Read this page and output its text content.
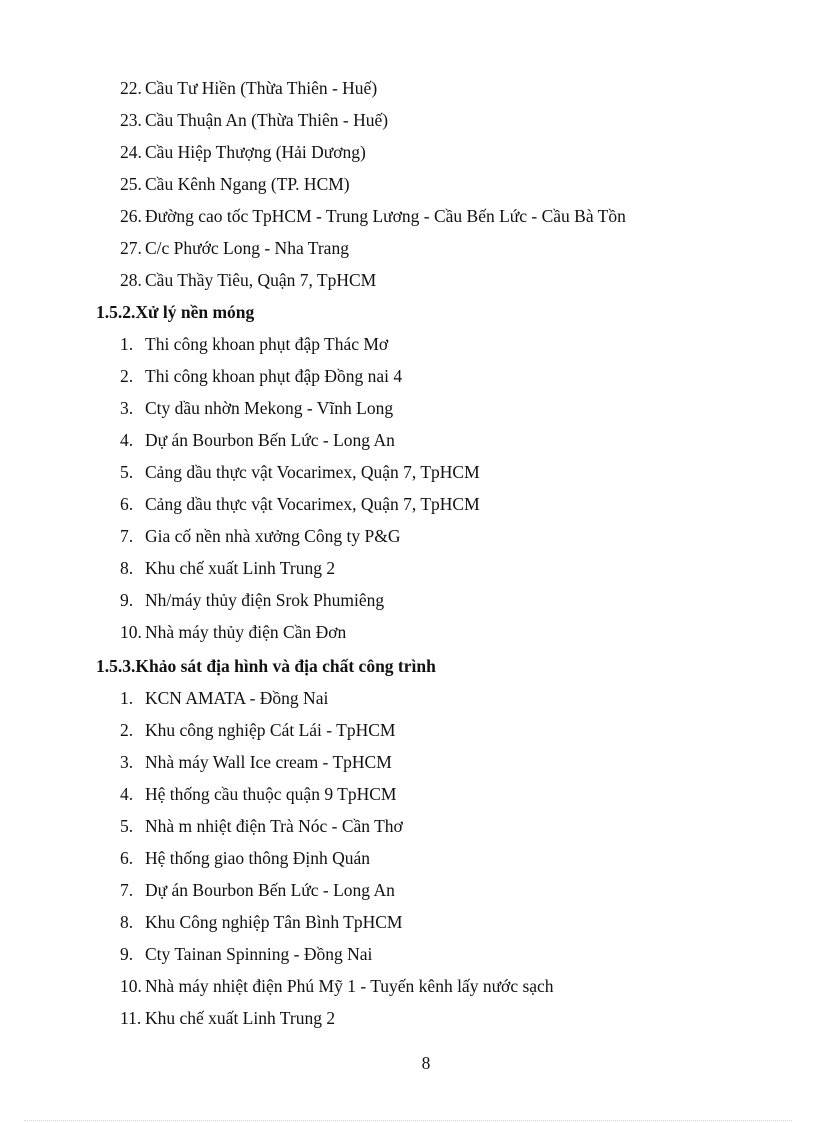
22. Cầu Tư Hiền (Thừa Thiên - Huế)
23. Cầu Thuận An (Thừa Thiên - Huế)
24. Cầu Hiệp Thượng (Hải Dương)
25. Cầu Kênh Ngang (TP. HCM)
26. Đường cao tốc TpHCM - Trung Lương - Cầu Bến Lức - Cầu Bà Tồn
27. C/c Phước Long - Nha Trang
28. Cầu Thầy Tiêu, Quận 7, TpHCM
1.5.2.Xử lý nền móng
1. Thi công khoan phụt đập Thác Mơ
2. Thi công khoan phụt đập Đồng nai 4
3. Cty dầu nhờn Mekong - Vĩnh Long
4. Dự án Bourbon Bến Lức - Long An
5. Cảng dầu thực vật Vocarimex, Quận 7, TpHCM
6. Cảng dầu thực vật Vocarimex, Quận 7, TpHCM
7. Gia cố nền nhà xưởng Công ty P&G
8. Khu chế xuất Linh Trung 2
9. Nh/máy thủy điện Srok Phumiêng
10. Nhà máy thủy điện Cần Đơn
1.5.3.Khảo sát địa hình và địa chất công trình
1. KCN AMATA - Đồng Nai
2. Khu công nghiệp Cát Lái - TpHCM
3. Nhà máy Wall Ice cream - TpHCM
4. Hệ thống cầu thuộc quận 9 TpHCM
5. Nhà m nhiệt điện Trà Nóc - Cần Thơ
6. Hệ thống giao thông Định Quán
7. Dự án Bourbon Bến Lức - Long An
8. Khu Công nghiệp Tân Bình TpHCM
9. Cty Tainan Spinning - Đồng Nai
10. Nhà máy nhiệt điện Phú Mỹ 1 - Tuyến kênh lấy nước sạch
11. Khu chế xuất Linh Trung 2
8
